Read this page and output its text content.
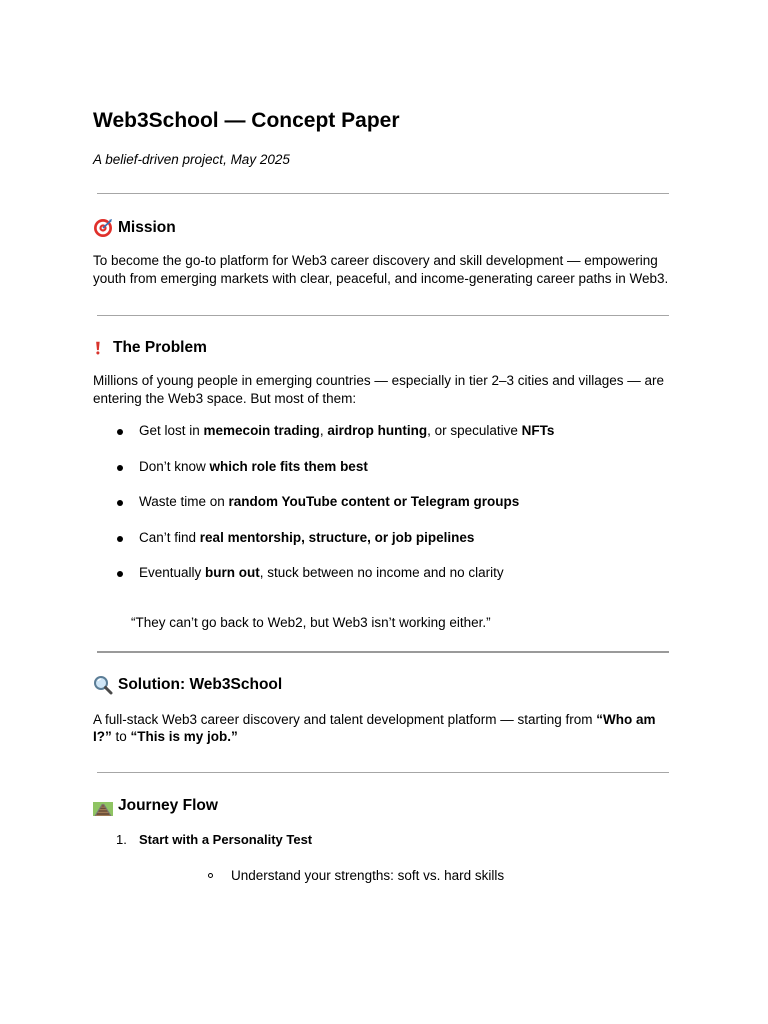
Web3School — Concept Paper

A belief-driven project, May 2025

Mission

To become the go-to platform for Web3 career discovery and skill development — empowering youth from emerging markets with clear, peaceful, and income-generating career paths in Web3.

The Problem

Millions of young people in emerging countries — especially in tier 2–3 cities and villages — are entering the Web3 space. But most of them:

Get lost in memecoin trading, airdrop hunting, or speculative NFTs
Don’t know which role fits them best
Waste time on random YouTube content or Telegram groups
Can’t find real mentorship, structure, or job pipelines
Eventually burn out, stuck between no income and no clarity

“They can’t go back to Web2, but Web3 isn’t working either.”

Solution: Web3School

A full-stack Web3 career discovery and talent development platform — starting from “Who am I?” to “This is my job.”

Journey Flow
1. Start with a Personality Test
Understand your strengths: soft vs. hard skills
